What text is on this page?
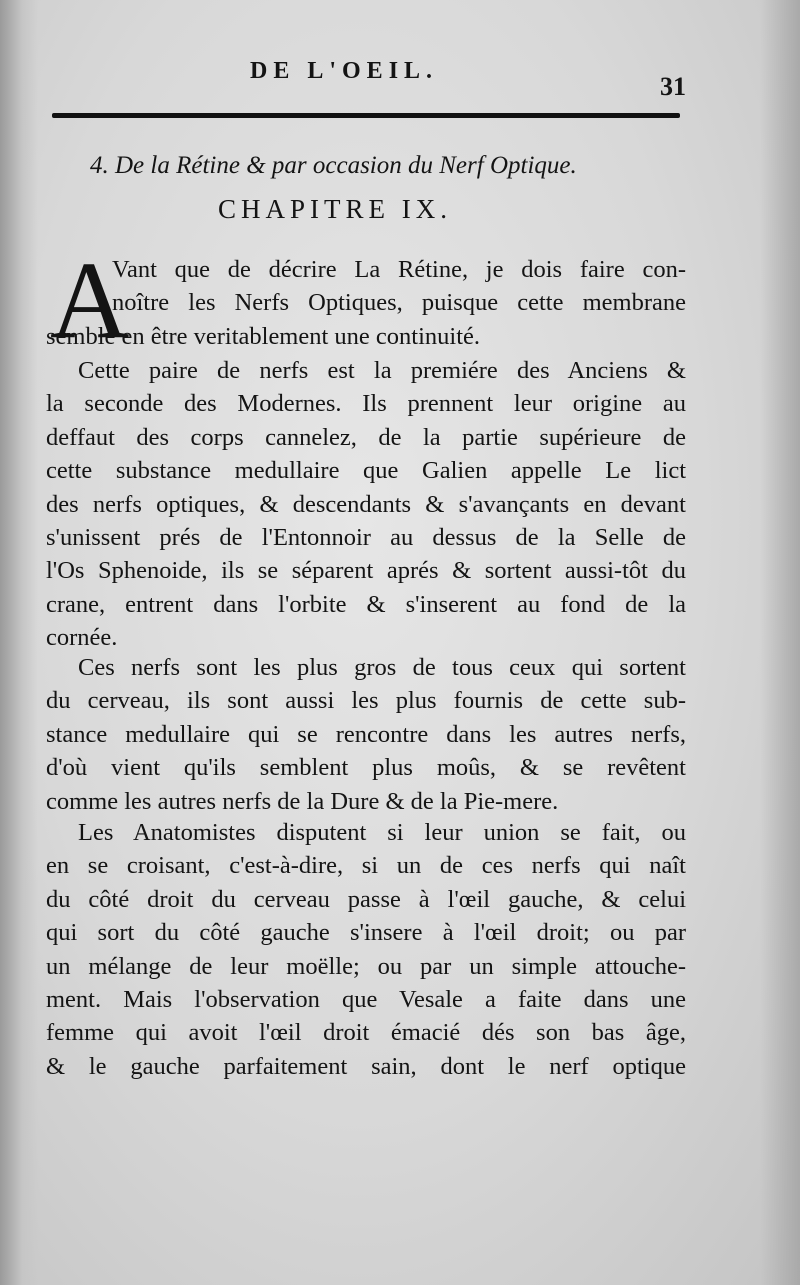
DE L'OEIL.
31
4. De la Rétine & par occasion du Nerf Optique.
CHAPITRE IX.
A
Vant que de décrire La Rétine, je dois faire con-
noître les Nerfs Optiques, puisque cette membrane
semble en être veritablement une continuité.
Cette paire de nerfs est la premiére des Anciens &
la seconde des Modernes. Ils prennent leur origine au
deffaut des corps cannelez, de la partie supérieure de
cette substance medullaire que Galien appelle Le lict
des nerfs optiques, & descendants & s'avançants en devant
s'unissent prés de l'Entonnoir au dessus de la Selle de
l'Os Sphenoide, ils se séparent aprés & sortent aussi-tôt du
crane, entrent dans l'orbite & s'inserent au fond de la
cornée.
Ces nerfs sont les plus gros de tous ceux qui sortent
du cerveau, ils sont aussi les plus fournis de cette sub-
stance medullaire qui se rencontre dans les autres nerfs,
d'où vient qu'ils semblent plus moûs, & se revêtent
comme les autres nerfs de la Dure & de la Pie-mere.
Les Anatomistes disputent si leur union se fait, ou
en se croisant, c'est-à-dire, si un de ces nerfs qui naît
du côté droit du cerveau passe à l'œil gauche, & celui
qui sort du côté gauche s'insere à l'œil droit; ou par
un mélange de leur moëlle; ou par un simple attouche-
ment. Mais l'observation que Vesale a faite dans une
femme qui avoit l'œil droit émacié dés son bas âge,
& le gauche parfaitement sain, dont le nerf optique
